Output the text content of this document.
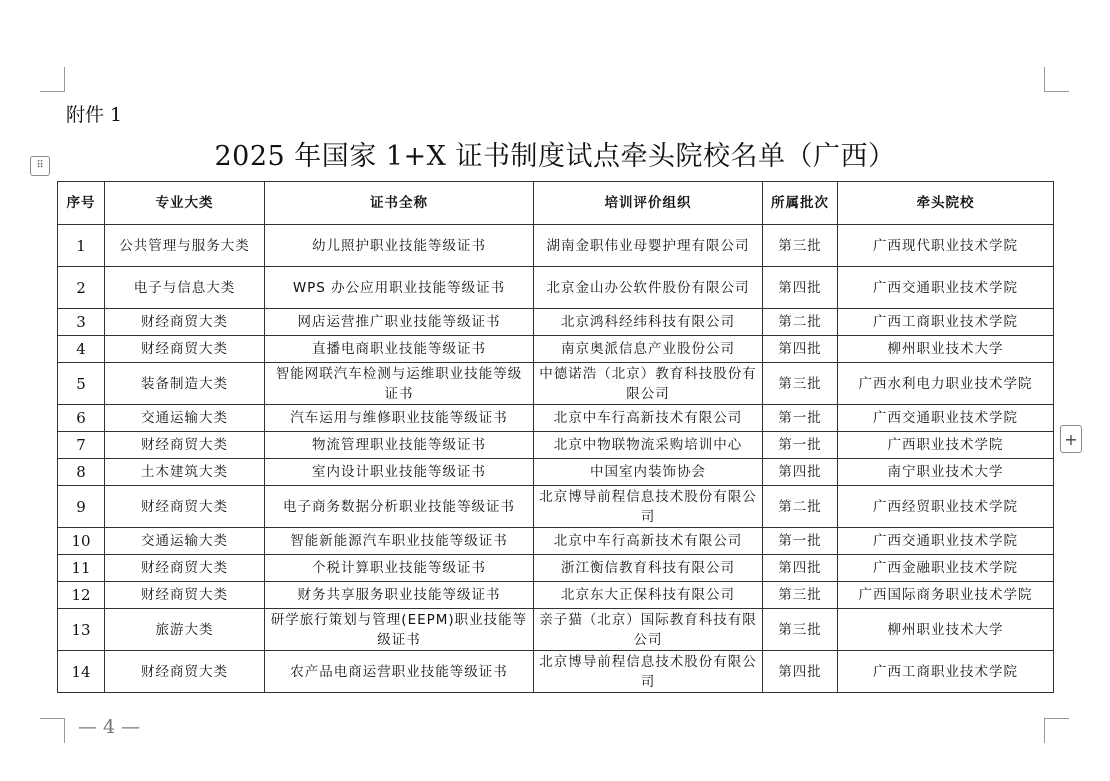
附件 1
2025 年国家 1+X 证书制度试点牵头院校名单（广西）
⠿
序号	专业大类	证书全称	培训评价组织	所属批次	牵头院校
1	公共管理与服务大类	幼儿照护职业技能等级证书	湖南金职伟业母婴护理有限公司	第三批	广西现代职业技术学院
2	电子与信息大类	WPS 办公应用职业技能等级证书	北京金山办公软件股份有限公司	第四批	广西交通职业技术学院
3	财经商贸大类	网店运营推广职业技能等级证书	北京鸿科经纬科技有限公司	第二批	广西工商职业技术学院
4	财经商贸大类	直播电商职业技能等级证书	南京奥派信息产业股份公司	第四批	柳州职业技术大学
5	装备制造大类	智能网联汽车检测与运维职业技能等级证书	中德诺浩（北京）教育科技股份有限公司	第三批	广西水利电力职业技术学院
6	交通运输大类	汽车运用与维修职业技能等级证书	北京中车行高新技术有限公司	第一批	广西交通职业技术学院
7	财经商贸大类	物流管理职业技能等级证书	北京中物联物流采购培训中心	第一批	广西职业技术学院
8	土木建筑大类	室内设计职业技能等级证书	中国室内装饰协会	第四批	南宁职业技术大学
9	财经商贸大类	电子商务数据分析职业技能等级证书	北京博导前程信息技术股份有限公司	第二批	广西经贸职业技术学院
10	交通运输大类	智能新能源汽车职业技能等级证书	北京中车行高新技术有限公司	第一批	广西交通职业技术学院
11	财经商贸大类	个税计算职业技能等级证书	浙江衡信教育科技有限公司	第四批	广西金融职业技术学院
12	财经商贸大类	财务共享服务职业技能等级证书	北京东大正保科技有限公司	第三批	广西国际商务职业技术学院
13	旅游大类	研学旅行策划与管理(EEPM)职业技能等级证书	亲子猫（北京）国际教育科技有限公司	第三批	柳州职业技术大学
14	财经商贸大类	农产品电商运营职业技能等级证书	北京博导前程信息技术股份有限公司	第四批	广西工商职业技术学院
+
— 4 —
